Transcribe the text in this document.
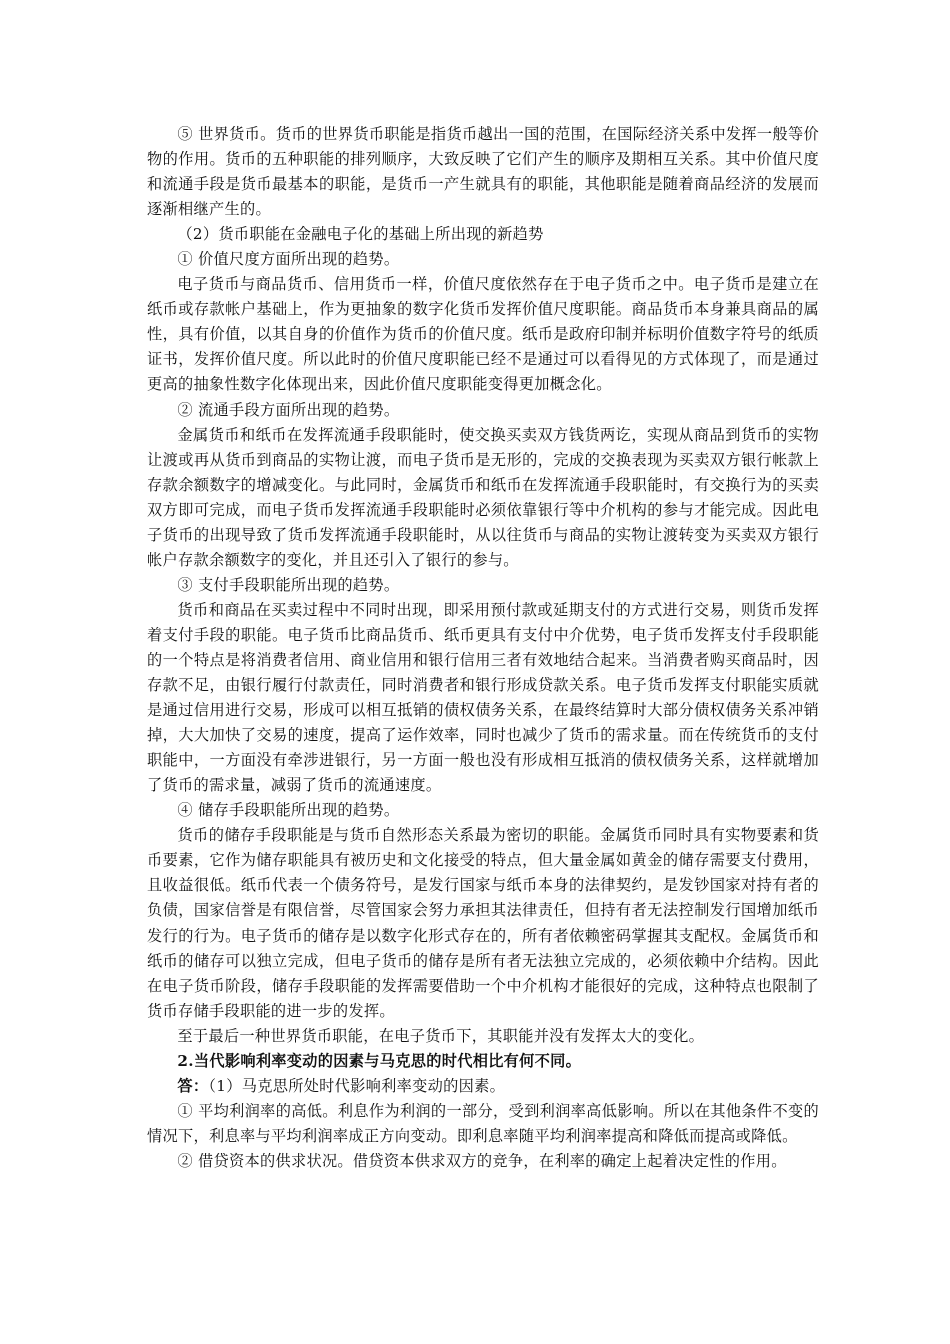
⑤ 世界货币。货币的世界货币职能是指货币越出一国的范围，在国际经济关系中发挥一般等价物的作用。货币的五种职能的排列顺序，大致反映了它们产生的顺序及期相互关系。其中价值尺度和流通手段是货币最基本的职能，是货币一产生就具有的职能，其他职能是随着商品经济的发展而逐渐相继产生的。

（2）货币职能在金融电子化的基础上所出现的新趋势

① 价值尺度方面所出现的趋势。

电子货币与商品货币、信用货币一样，价值尺度依然存在于电子货币之中。电子货币是建立在纸币或存款帐户基础上，作为更抽象的数字化货币发挥价值尺度职能。商品货币本身兼具商品的属性，具有价值，以其自身的价值作为货币的价值尺度。纸币是政府印制并标明价值数字符号的纸质证书，发挥价值尺度。所以此时的价值尺度职能已经不是通过可以看得见的方式体现了，而是通过更高的抽象性数字化体现出来，因此价值尺度职能变得更加概念化。

② 流通手段方面所出现的趋势。

金属货币和纸币在发挥流通手段职能时，使交换买卖双方钱货两讫，实现从商品到货币的实物让渡或再从货币到商品的实物让渡，而电子货币是无形的，完成的交换表现为买卖双方银行帐款上存款余额数字的增减变化。与此同时，金属货币和纸币在发挥流通手段职能时，有交换行为的买卖双方即可完成，而电子货币发挥流通手段职能时必须依靠银行等中介机构的参与才能完成。因此电子货币的出现导致了货币发挥流通手段职能时，从以往货币与商品的实物让渡转变为买卖双方银行帐户存款余额数字的变化，并且还引入了银行的参与。

③ 支付手段职能所出现的趋势。

货币和商品在买卖过程中不同时出现，即采用预付款或延期支付的方式进行交易，则货币发挥着支付手段的职能。电子货币比商品货币、纸币更具有支付中介优势，电子货币发挥支付手段职能的一个特点是将消费者信用、商业信用和银行信用三者有效地结合起来。当消费者购买商品时，因存款不足，由银行履行付款责任，同时消费者和银行形成贷款关系。电子货币发挥支付职能实质就是通过信用进行交易，形成可以相互抵销的债权债务关系，在最终结算时大部分债权债务关系冲销掉，大大加快了交易的速度，提高了运作效率，同时也减少了货币的需求量。而在传统货币的支付职能中，一方面没有牵涉进银行，另一方面一般也没有形成相互抵消的债权债务关系，这样就增加了货币的需求量，减弱了货币的流通速度。

④ 储存手段职能所出现的趋势。

货币的储存手段职能是与货币自然形态关系最为密切的职能。金属货币同时具有实物要素和货币要素，它作为储存职能具有被历史和文化接受的特点，但大量金属如黄金的储存需要支付费用，且收益很低。纸币代表一个债务符号，是发行国家与纸币本身的法律契约，是发钞国家对持有者的负债，国家信誉是有限信誉，尽管国家会努力承担其法律责任，但持有者无法控制发行国增加纸币发行的行为。电子货币的储存是以数字化形式存在的，所有者依赖密码掌握其支配权。金属货币和纸币的储存可以独立完成，但电子货币的储存是所有者无法独立完成的，必须依赖中介结构。因此在电子货币阶段，储存手段职能的发挥需要借助一个中介机构才能很好的完成，这种特点也限制了货币存储手段职能的进一步的发挥。

至于最后一种世界货币职能，在电子货币下，其职能并没有发挥太大的变化。

2.当代影响利率变动的因素与马克思的时代相比有何不同。

答：（1）马克思所处时代影响利率变动的因素。

① 平均利润率的高低。利息作为利润的一部分，受到利润率高低影响。所以在其他条件不变的情况下，利息率与平均利润率成正方向变动。即利息率随平均利润率提高和降低而提高或降低。

② 借贷资本的供求状况。借贷资本供求双方的竞争，在利率的确定上起着决定性的作用。
